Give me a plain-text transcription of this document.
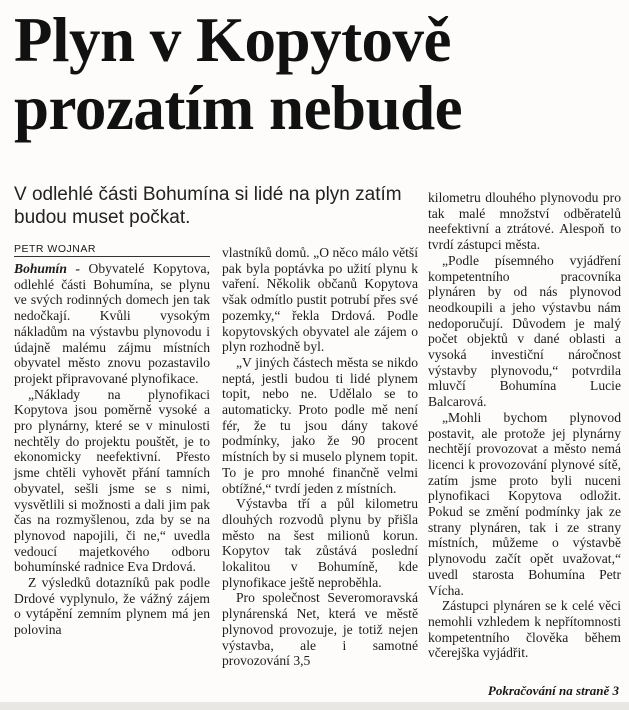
Plyn v Kopytově
prozatím nebude
V odlehlé části Bohumína si lidé na plyn zatím budou muset počkat.
PETR WOJNAR

Bohumín - Obyvatelé Kopytova, odlehlé části Bohumína, se plynu ve svých rodinných domech jen tak nedočkají. Kvůli vysokým nákladům na výstavbu plynovodu i údajně malému zájmu místních obyvatel město znovu pozastavilo projekt připravované plynofikace.

„Náklady na plynofikaci Kopytova jsou poměrně vysoké a pro plynárny, které se v minulosti nechtěly do projektu pouštět, je to ekonomicky neefektivní. Přesto jsme chtěli vyhovět přání tamních obyvatel, sešli jsme se s nimi, vysvětlili si možnosti a dali jim pak čas na rozmyšlenou, zda by se na plynovod napojili, či ne,“ uvedla vedoucí majetkového odboru bohumínské radnice Eva Drdová.

Z výsledků dotazníků pak podle Drdové vyplynulo, že vážný zájem o vytápění zemním plynem má jen polovina

vlastníků domů. „O něco málo větší pak byla poptávka po užití plynu k vaření. Několik občanů Kopytova však odmítlo pustit potrubí přes své pozemky,“ řekla Drdová. Podle kopytovských obyvatel ale zájem o plyn rozhodně byl.

„V jiných částech města se nikdo neptá, jestli budou ti lidé plynem topit, nebo ne. Udělalo se to automaticky. Proto podle mě není fér, že tu jsou dány takové podmínky, jako že 90 procent místních by si muselo plynem topit. To je pro mnohé finančně velmi obtížné,“ tvrdí jeden z místních.

Výstavba tří a půl kilometru dlouhých rozvodů plynu by přišla město na šest milionů korun. Kopytov tak zůstává poslední lokalitou v Bohumíně, kde plynofikace ještě neproběhla.

Pro společnost Severomoravská plynárenská Net, která ve městě plynovod provozuje, je totiž nejen výstavba, ale i samotné provozování 3,5

kilometru dlouhého plynovodu pro tak malé množství odběratelů neefektivní a ztrátové. Alespoň to tvrdí zástupci města.

„Podle písemného vyjádření kompetentního pracovníka plynáren by od nás plynovod neodkoupili a jeho výstavbu nám nedoporučují. Důvodem je malý počet objektů v dané oblasti a vysoká investiční náročnost výstavby plynovodu,“ potvrdila mluvčí Bohumína Lucie Balcarová.

„Mohli bychom plynovod postavit, ale protože jej plynárny nechtějí provozovat a město nemá licenci k provozování plynové sítě, zatím jsme proto byli nuceni plynofikaci Kopytova odložit. Pokud se změní podmínky jak ze strany plynáren, tak i ze strany místních, můžeme o výstavbě plynovodu začít opět uvažovat,“ uvedl starosta Bohumína Petr Vícha.

Zástupci plynáren se k celé věci nemohli vzhledem k nepřítomnosti kompetentního člověka během včerejška vyjádřit.

Pokračování na straně 3
